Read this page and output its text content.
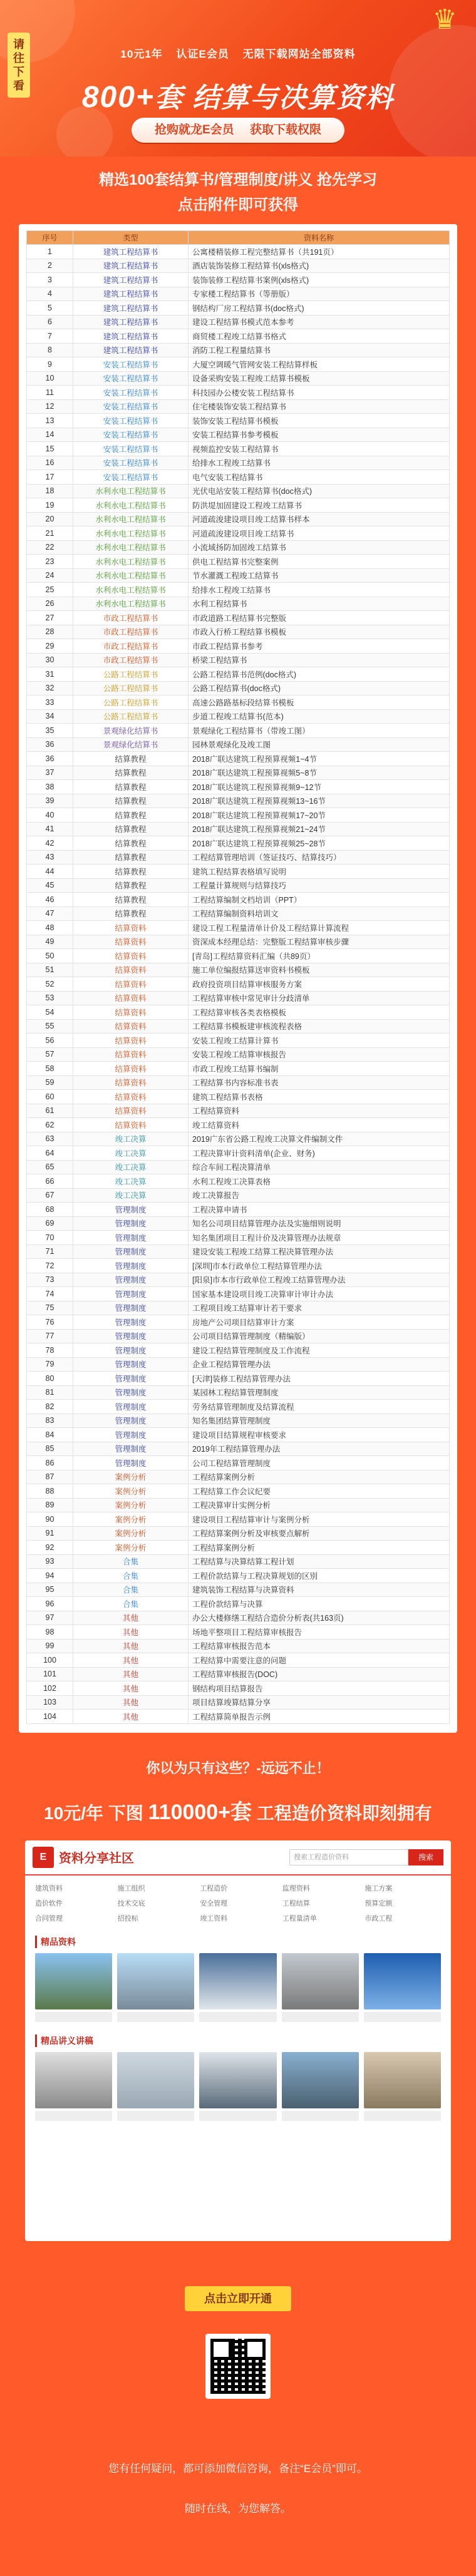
请往下看
♛
10元1年 认证E会员 无限下载网站全部资料
800+套 结算与决算资料
抢购就龙E会员 获取下载权限
精选100套结算书/管理制度/讲义 抢先学习
点击附件即可获得
序号	类型	资料名称
1	建筑工程结算书	公寓楼精装修工程完整结算书（共191页）
2	建筑工程结算书	酒店装饰装修工程结算书(xls格式)
3	建筑工程结算书	装饰装修工程结算书案例(xls格式)
4	建筑工程结算书	专家楼工程结算书（等册版）
5	建筑工程结算书	钢结构厂房工程结算书(doc格式)
6	建筑工程结算书	建设工程结算书模式范本参考
7	建筑工程结算书	商贸楼工程竣工结算书格式
8	建筑工程结算书	消防工程工程量结算书
9	安装工程结算书	大厦空调暖气管网安装工程结算样板
10	安装工程结算书	设备采购安装工程竣工结算书模板
11	安装工程结算书	科技园办公楼安装工程结算书
12	安装工程结算书	住宅楼装饰安装工程结算书
13	安装工程结算书	装饰安装工程结算书模板
14	安装工程结算书	安装工程结算书参考模板
15	安装工程结算书	视频监控安装工程结算书
16	安装工程结算书	给排水工程竣工结算书
17	安装工程结算书	电气安装工程结算书
18	水利水电工程结算书	光伏电站安装工程结算书(doc格式)
19	水利水电工程结算书	防洪堤加固建设工程竣工结算书
20	水利水电工程结算书	河道疏浚建设项目竣工结算书样本
21	水利水电工程结算书	河道疏浚建设项目竣工结算书
22	水利水电工程结算书	小流域扬防加固竣工结算书
23	水利水电工程结算书	供电工程结算书完整案例
24	水利水电工程结算书	节水灌溉工程竣工结算书
25	水利水电工程结算书	给排水工程竣工结算书
26	水利水电工程结算书	水利工程结算书
27	市政工程结算书	市政道路工程结算书完整版
28	市政工程结算书	市政入行桥工程结算书模板
29	市政工程结算书	市政工程结算书参考
30	市政工程结算书	桥梁工程结算书
31	公路工程结算书	公路工程结算书范例(doc格式)
32	公路工程结算书	公路工程结算书(doc格式)
33	公路工程结算书	高速公路路基标段结算书模板
34	公路工程结算书	步道工程竣工结算书(范本)
35	景观绿化结算书	景观绿化工程结算书（带竣工图）
36	景观绿化结算书	园林景观绿化及竣工图
36	结算教程	2018广联达建筑工程预算视频1~4节
37	结算教程	2018广联达建筑工程预算视频5~8节
38	结算教程	2018广联达建筑工程预算视频9~12节
39	结算教程	2018广联达建筑工程预算视频13~16节
40	结算教程	2018广联达建筑工程预算视频17~20节
41	结算教程	2018广联达建筑工程预算视频21~24节
42	结算教程	2018广联达建筑工程预算视频25~28节
43	结算教程	工程结算管理培训（签证技巧、结算技巧）
44	结算教程	建筑工程结算表格填写说明
45	结算教程	工程量计算规则与结算技巧
46	结算教程	工程结算编制文档培训（PPT）
47	结算教程	工程结算编制资料培训文
48	结算资料	建设工程工程量清单计价及工程结算计算流程
49	结算资料	资深成本经理总结：完整版工程结算审核步骤
50	结算资料	[青岛]工程结算资料汇编（共89页）
51	结算资料	施工单位编报结算送审资料书模板
52	结算资料	政府投资项目结算审核服务方案
53	结算资料	工程结算审核中常见审计分歧清单
54	结算资料	工程结算审核各类表格模板
55	结算资料	工程结算书模板建审核流程表格
56	结算资料	安装工程竣工结算计算书
57	结算资料	安装工程竣工结算审核报告
58	结算资料	市政工程竣工结算书编制
59	结算资料	工程结算书内容标准书表
60	结算资料	建筑工程结算书表格
61	结算资料	工程结算资料
62	结算资料	竣工结算资料
63	竣工决算	2019广东省公路工程竣工决算文件编制文件
64	竣工决算	工程决算审计资料清单(企业、财务)
65	竣工决算	综合车间工程决算清单
66	竣工决算	水利工程竣工决算表格
67	竣工决算	竣工决算报告
68	管理制度	工程决算申请书
69	管理制度	知名公司项目结算管理办法及实施细则说明
70	管理制度	知名集团项目工程计价及决算管理办法规章
71	管理制度	建设安装工程竣工结算工程决算管理办法
72	管理制度	[深圳]市本行政单位工程结算管理办法
73	管理制度	[阳泉]市本市行政单位工程竣工结算管理办法
74	管理制度	国家基本建设项目竣工决算审计审计办法
75	管理制度	工程项目竣工结算审计若干要求
76	管理制度	房地产公司项目结算审计方案
77	管理制度	公司项目结算管理制度（精编版）
78	管理制度	建设工程结算管理制度及工作流程
79	管理制度	企业工程结算管理办法
80	管理制度	[天津]装修工程结算管理办法
81	管理制度	某园林工程结算管理制度
82	管理制度	劳务结算管理制度及结算流程
83	管理制度	知名集团结算管理制度
84	管理制度	建设项目结算规程审核要求
85	管理制度	2019年工程结算管理办法
86	管理制度	公司工程结算管理制度
87	案例分析	工程结算案例分析
88	案例分析	工程结算工作会议纪要
89	案例分析	工程决算审计实例分析
90	案例分析	建设项目工程结算审计与案例分析
91	案例分析	工程结算案例分析及审核要点解析
92	案例分析	工程结算案例分析
93	合集	工程结算与决算结算工程计划
94	合集	工程价款结算与工程决算规划的区别
95	合集	建筑装饰工程结算与决算资料
96	合集	工程价款结算与决算
97	其他	办公大楼修缮工程结合造价分析表(共163页)
98	其他	场地平整项目工程结算审核报告
99	其他	工程结算审核报告范本
100	其他	工程结算中需要注意的问题
101	其他	工程结算审核报告(DOC)
102	其他	钢结构项目结算报告
103	其他	项目结算竣算结算分享
104	其他	工程结算简单报告示例
你以为只有这些？-远远不止！
10元/年 下图 110000+套 工程造价资料即刻拥有
E 资料分享社区	搜索工程造价资料	搜索
建筑资料	施工组织	工程造价	监理资料	施工方案
造价软件	技术交底	安全管理	工程结算	预算定额
合同管理	招投标	竣工资料	工程量清单	市政工程
精品资料
精品讲义讲稿
点击立即开通
您有任何疑问，都可添加微信咨询，备注“E会员”即可。
随时在线，为您解答。
